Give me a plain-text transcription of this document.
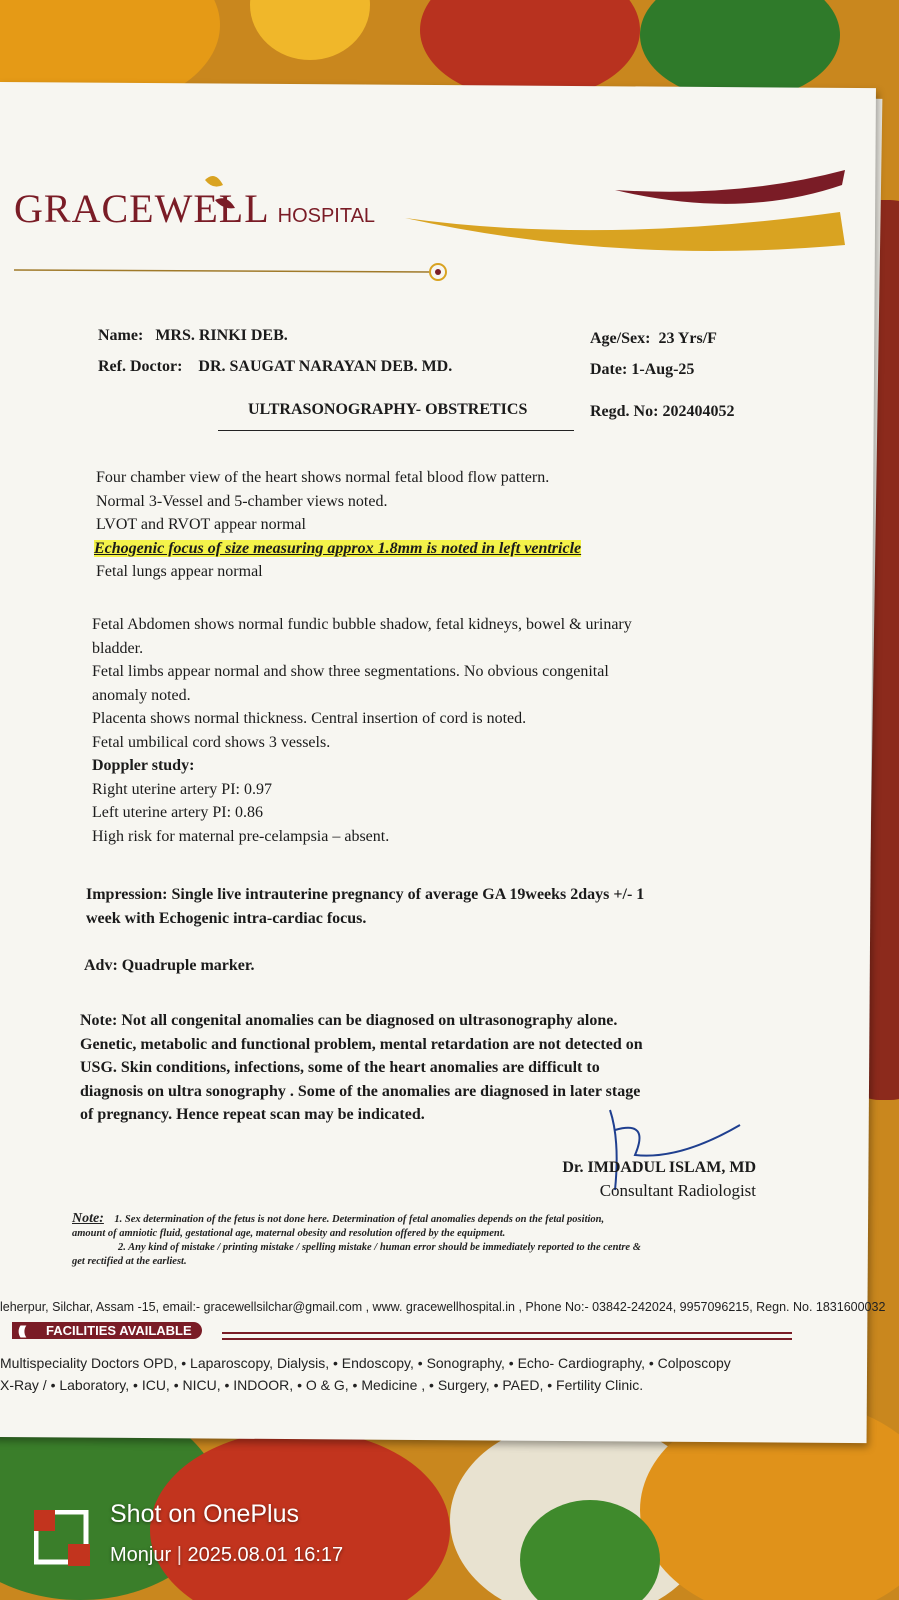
GRACEWELL HOSPITAL
Name: MRS. RINKI DEB.	Age/Sex: 23 Yrs/F
Ref. Doctor: DR. SAUGAT NARAYAN DEB. MD.	Date: 1-Aug-25
ULTRASONOGRAPHY- OBSTRETICS	Regd. No: 202404052

Four chamber view of the heart shows normal fetal blood flow pattern.

Normal 3-Vessel and 5-chamber views noted.

LVOT and RVOT appear normal

Echogenic focus of size measuring approx 1.8mm is noted in left ventricle

Fetal lungs appear normal

Fetal Abdomen shows normal fundic bubble shadow, fetal kidneys, bowel & urinary

bladder.

Fetal limbs appear normal and show three segmentations. No obvious congenital

anomaly noted.

Placenta shows normal thickness. Central insertion of cord is noted.

Fetal umbilical cord shows 3 vessels.

Doppler study:

Right uterine artery PI: 0.97

Left uterine artery PI: 0.86

High risk for maternal pre-celampsia – absent.

Impression: Single live intrauterine pregnancy of average GA 19weeks 2days +/- 1

week with Echogenic intra-cardiac focus.

Adv: Quadruple marker.

Note: Not all congenital anomalies can be diagnosed on ultrasonography alone.

Genetic, metabolic and functional problem, mental retardation are not detected on

USG. Skin conditions, infections, some of the heart anomalies are difficult to

diagnosis on ultra sonography . Some of the anomalies are diagnosed in later stage

of pregnancy. Hence repeat scan may be indicated.

Dr. IMDADUL ISLAM, MD
Consultant Radiologist
Note: 1. Sex determination of the fetus is not done here. Determination of fetal anomalies depends on the fetal position,
amount of amniotic fluid, gestational age, maternal obesity and resolution offered by the equipment.
2. Any kind of mistake / printing mistake / spelling mistake / human error should be immediately reported to the centre &
get rectified at the earliest.
leherpur, Silchar, Assam -15, email:- gracewellsilchar@gmail.com , www. gracewellhospital.in , Phone No:- 03842-242024, 9957096215, Regn. No. 1831600032
(((( FACILITIES AVAILABLE
Multispeciality Doctors OPD, • Laparoscopy, Dialysis, • Endoscopy, • Sonography, • Echo- Cardiography, • Colposcopy
X-Ray / • Laboratory, • ICU, • NICU, • INDOOR, • O & G, • Medicine , • Surgery, • PAED, • Fertility Clinic.
Shot on OnePlus
Monjur | 2025.08.01 16:17
